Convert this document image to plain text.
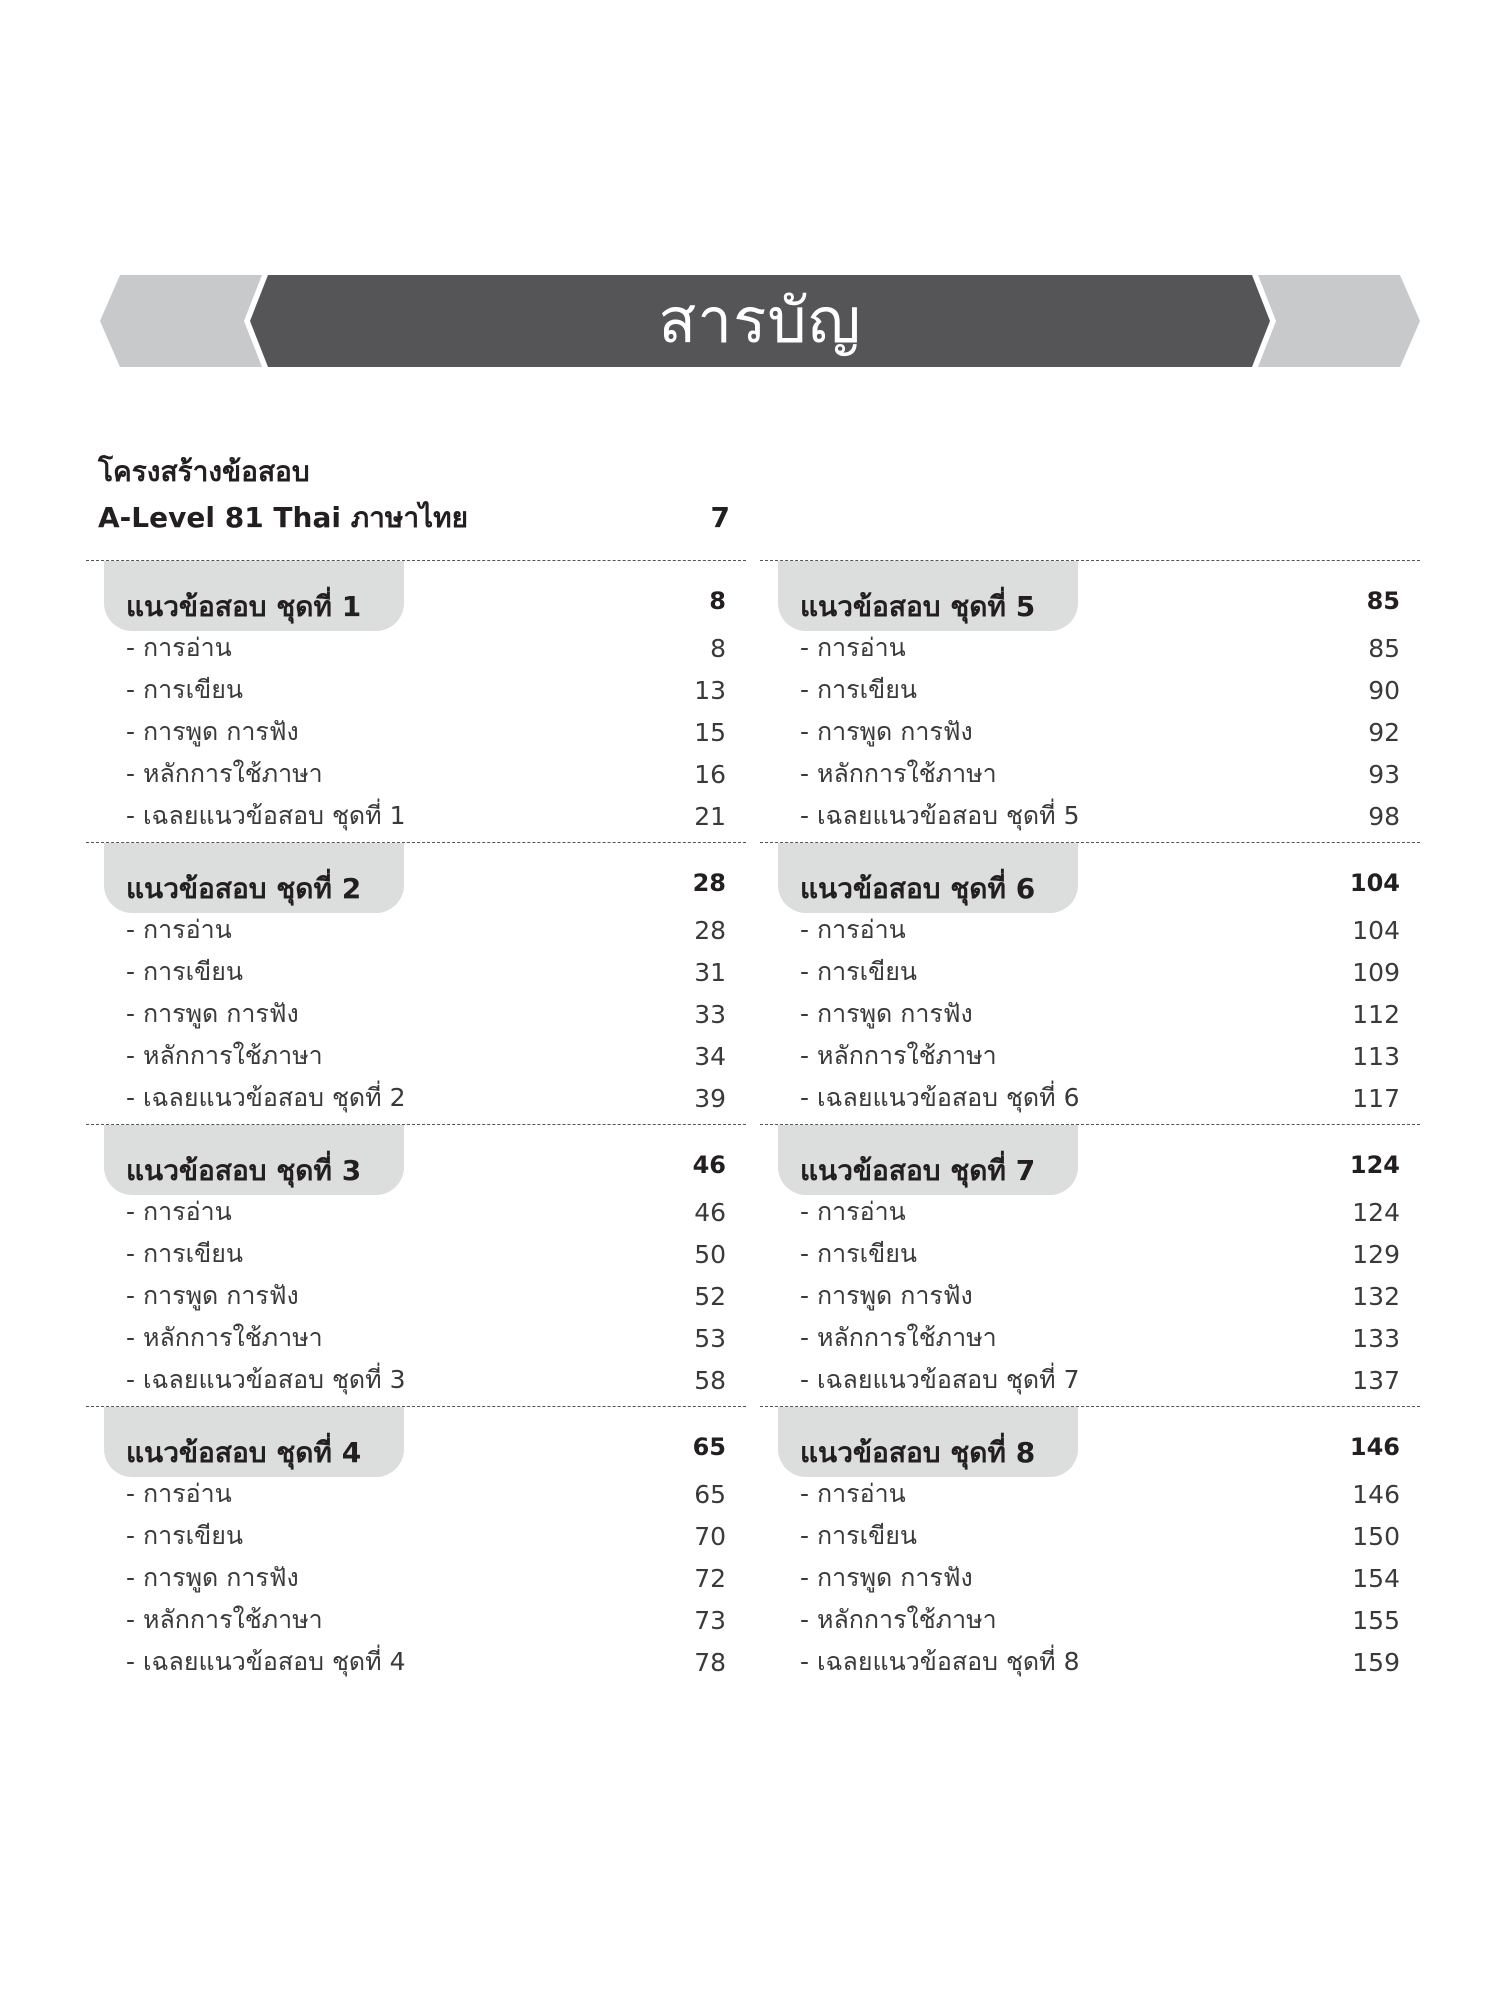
สารบัญ
โครงสร้างข้อสอบ
A-Level 81 Thai ภาษาไทย	7
แนวข้อสอบ ชุดที่ 1	8
- การอ่าน	8
- การเขียน	13
- การพูด การฟัง	15
- หลักการใช้ภาษา	16
- เฉลยแนวข้อสอบ ชุดที่ 1	21
แนวข้อสอบ ชุดที่ 2	28
- การอ่าน	28
- การเขียน	31
- การพูด การฟัง	33
- หลักการใช้ภาษา	34
- เฉลยแนวข้อสอบ ชุดที่ 2	39
แนวข้อสอบ ชุดที่ 3	46
- การอ่าน	46
- การเขียน	50
- การพูด การฟัง	52
- หลักการใช้ภาษา	53
- เฉลยแนวข้อสอบ ชุดที่ 3	58
แนวข้อสอบ ชุดที่ 4	65
- การอ่าน	65
- การเขียน	70
- การพูด การฟัง	72
- หลักการใช้ภาษา	73
- เฉลยแนวข้อสอบ ชุดที่ 4	78
แนวข้อสอบ ชุดที่ 5	85
- การอ่าน	85
- การเขียน	90
- การพูด การฟัง	92
- หลักการใช้ภาษา	93
- เฉลยแนวข้อสอบ ชุดที่ 5	98
แนวข้อสอบ ชุดที่ 6	104
- การอ่าน	104
- การเขียน	109
- การพูด การฟัง	112
- หลักการใช้ภาษา	113
- เฉลยแนวข้อสอบ ชุดที่ 6	117
แนวข้อสอบ ชุดที่ 7	124
- การอ่าน	124
- การเขียน	129
- การพูด การฟัง	132
- หลักการใช้ภาษา	133
- เฉลยแนวข้อสอบ ชุดที่ 7	137
แนวข้อสอบ ชุดที่ 8	146
- การอ่าน	146
- การเขียน	150
- การพูด การฟัง	154
- หลักการใช้ภาษา	155
- เฉลยแนวข้อสอบ ชุดที่ 8	159
